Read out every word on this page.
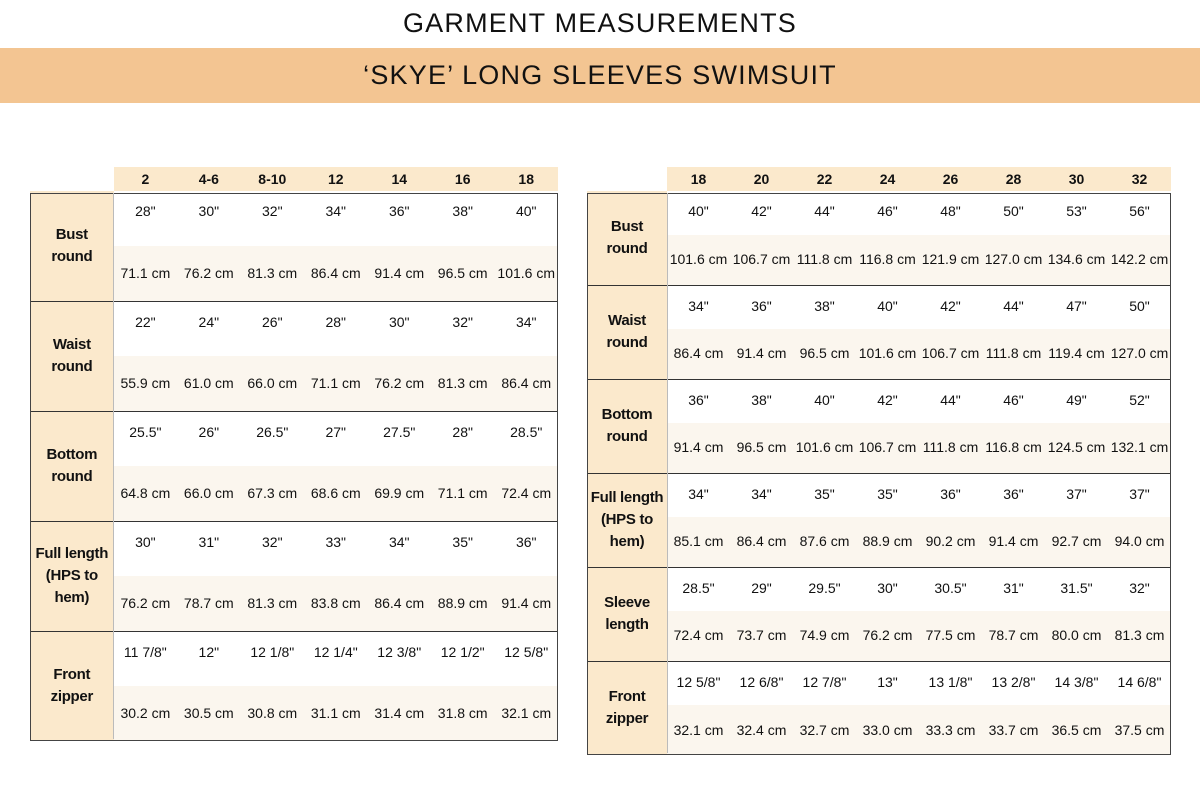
GARMENT MEASUREMENTS
‘SKYE’ LONG SLEEVES SWIMSUIT
	2	4-6	8-10	12	14	16	18

Bust
round	28"	30"	32"	34"	36"	38"	40"
	71.1 cm	76.2 cm	81.3 cm	86.4 cm	91.4 cm	96.5 cm	101.6 cm

Waist
round	22"	24"	26"	28"	30"	32"	34"
	55.9 cm	61.0 cm	66.0 cm	71.1 cm	76.2 cm	81.3 cm	86.4 cm

Bottom
round	25.5"	26"	26.5"	27"	27.5"	28"	28.5"
	64.8 cm	66.0 cm	67.3 cm	68.6 cm	69.9 cm	71.1 cm	72.4 cm

Full length
(HPS to
hem)	30"	31"	32"	33"	34"	35"	36"
	76.2 cm	78.7 cm	81.3 cm	83.8 cm	86.4 cm	88.9 cm	91.4 cm

Front
zipper	11 7/8"	12"	12 1/8"	12 1/4"	12 3/8"	12 1/2"	12 5/8"
	30.2 cm	30.5 cm	30.8 cm	31.1 cm	31.4 cm	31.8 cm	32.1 cm
	18	20	22	24	26	28	30	32

Bust
round	40"	42"	44"	46"	48"	50"	53"	56"
	101.6 cm	106.7 cm	111.8 cm	116.8 cm	121.9 cm	127.0 cm	134.6 cm	142.2 cm

Waist
round	34"	36"	38"	40"	42"	44"	47"	50"
	86.4 cm	91.4 cm	96.5 cm	101.6 cm	106.7 cm	111.8 cm	119.4 cm	127.0 cm

Bottom
round	36"	38"	40"	42"	44"	46"	49"	52"
	91.4 cm	96.5 cm	101.6 cm	106.7 cm	111.8 cm	116.8 cm	124.5 cm	132.1 cm

Full length
(HPS to
hem)	34"	34"	35"	35"	36"	36"	37"	37"
	85.1 cm	86.4 cm	87.6 cm	88.9 cm	90.2 cm	91.4 cm	92.7 cm	94.0 cm

Sleeve
length	28.5"	29"	29.5"	30"	30.5"	31"	31.5"	32"
	72.4 cm	73.7 cm	74.9 cm	76.2 cm	77.5 cm	78.7 cm	80.0 cm	81.3 cm

Front
zipper	12 5/8"	12 6/8"	12 7/8"	13"	13 1/8"	13 2/8"	14 3/8"	14 6/8"
	32.1 cm	32.4 cm	32.7 cm	33.0 cm	33.3 cm	33.7 cm	36.5 cm	37.5 cm
